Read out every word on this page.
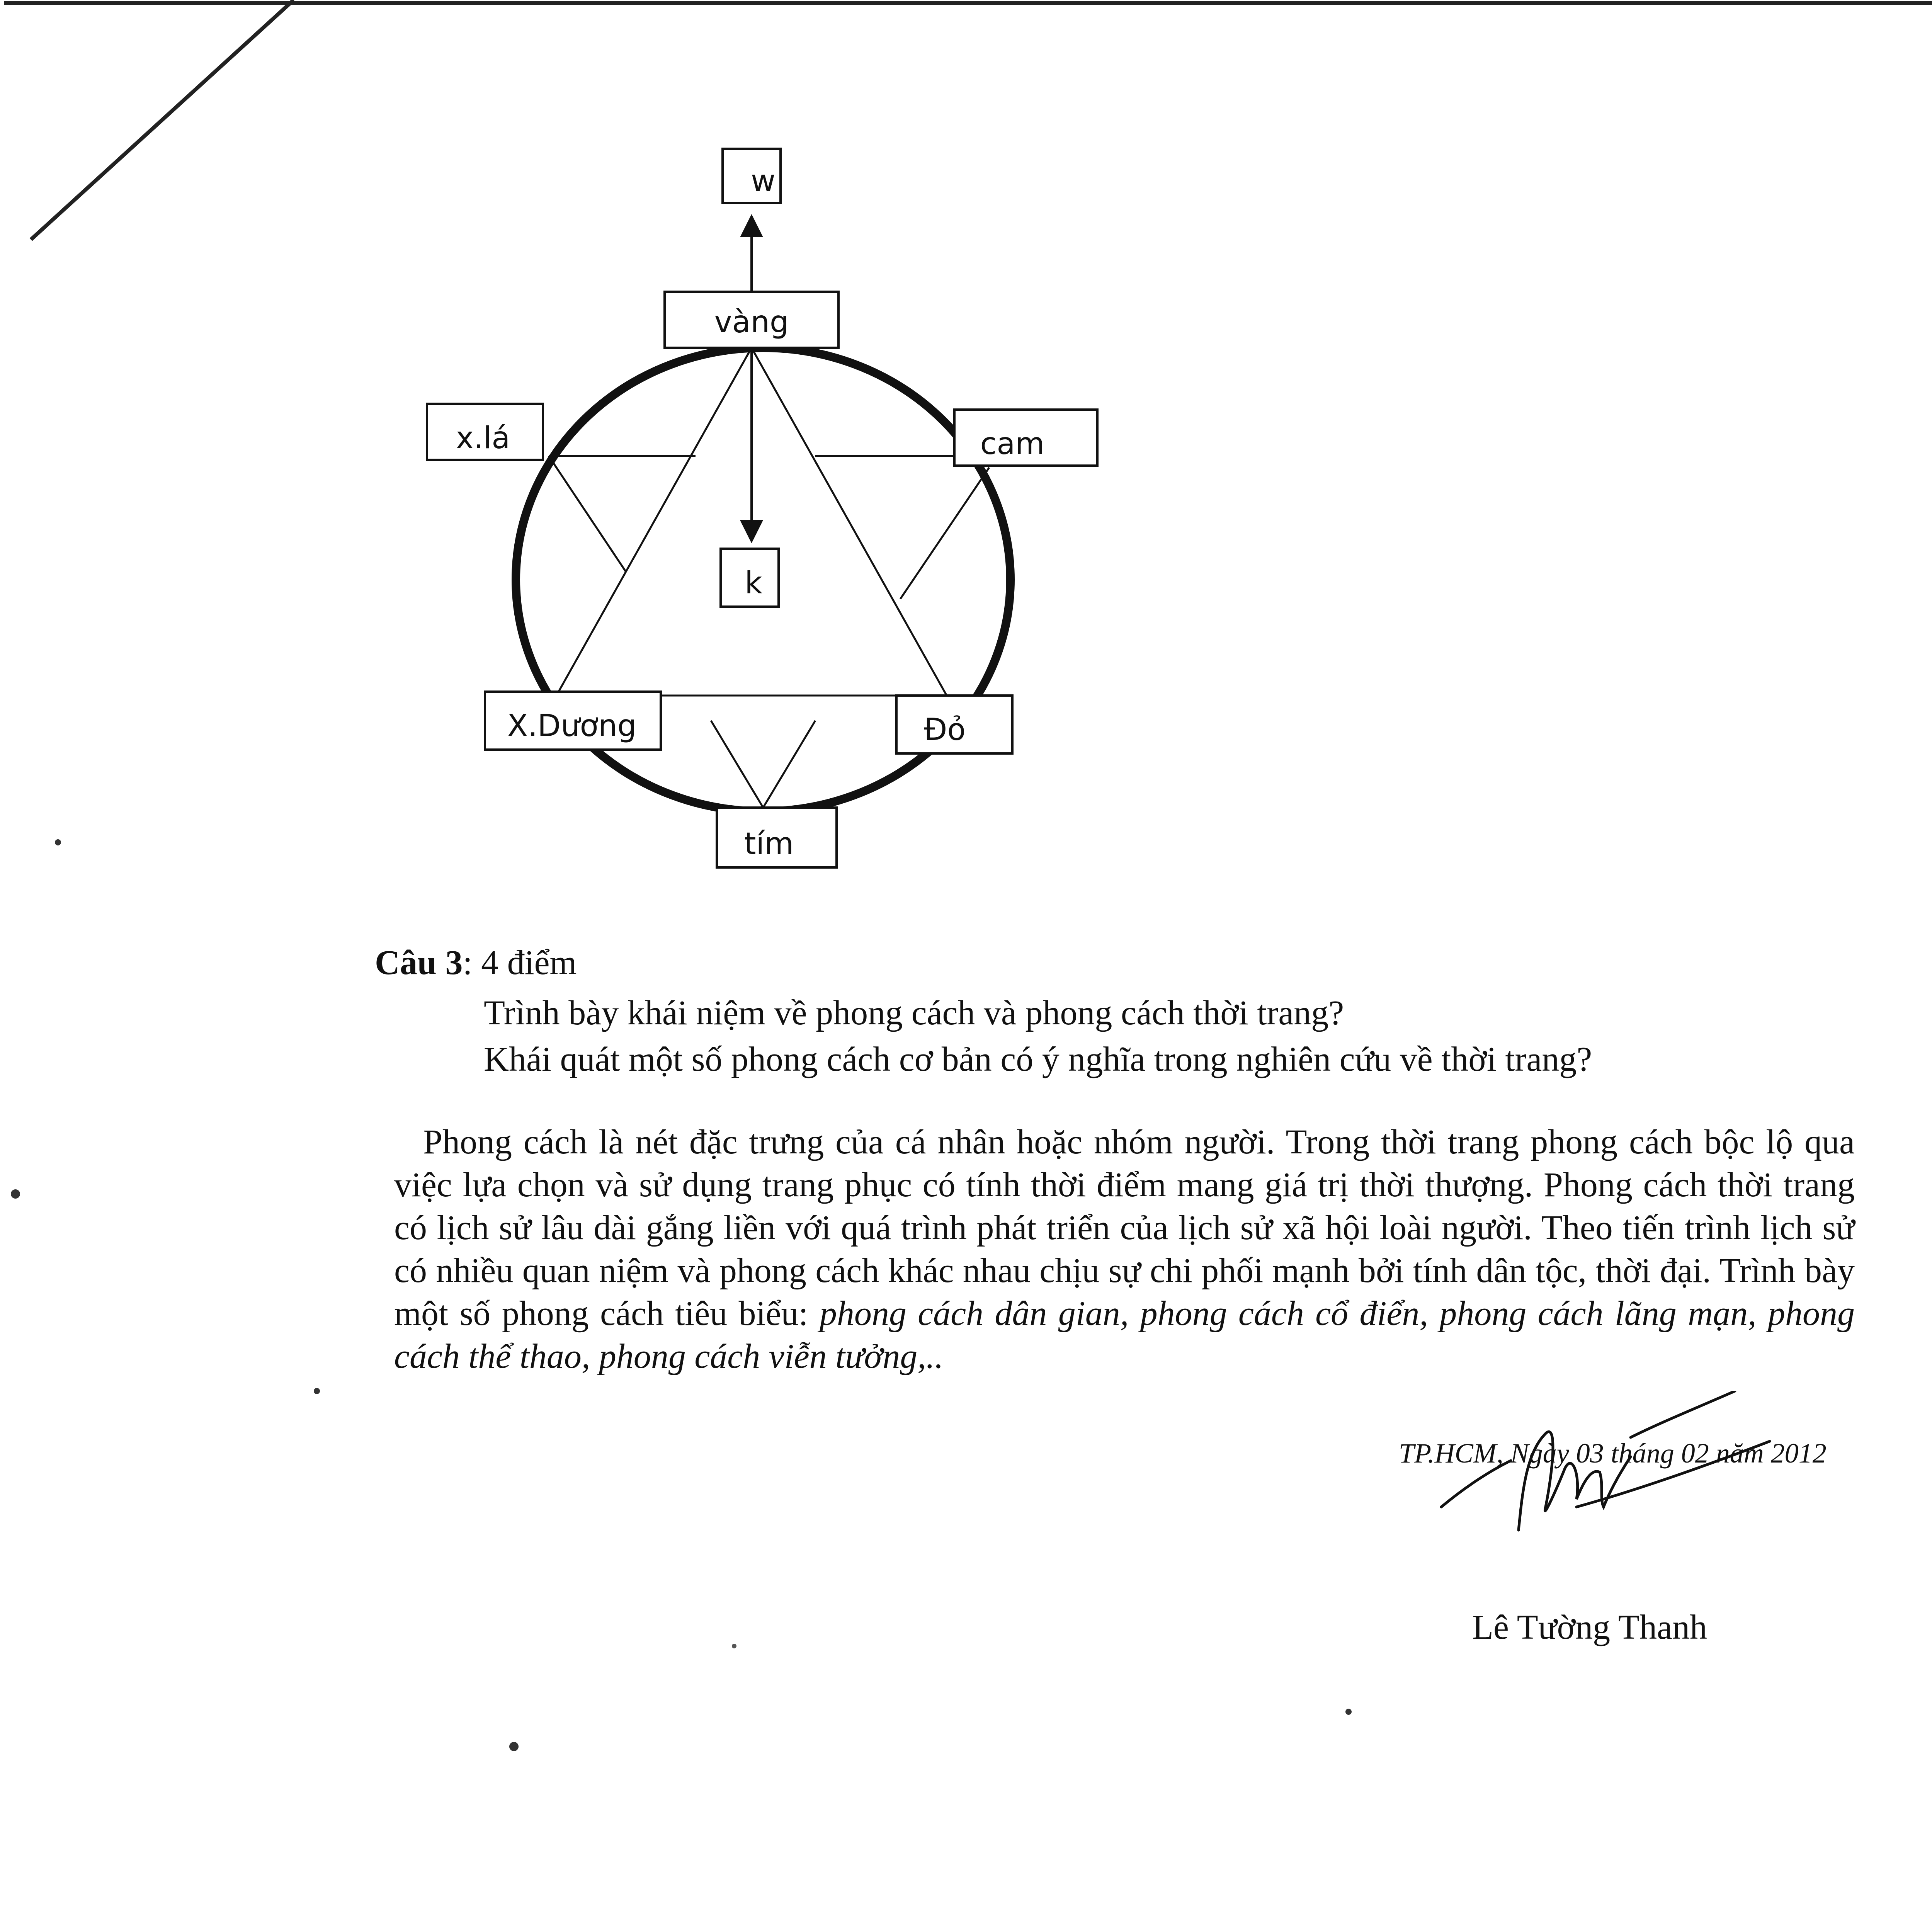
w
vàng
x.lá	cam
k
X.Dương	Đỏ
tím
Câu 3: 4 điểm
Trình bày khái niệm về phong cách và phong cách thời trang?
Khái quát một số phong cách cơ bản có ý nghĩa trong nghiên cứu về thời trang?
Phong cách là nét đặc trưng của cá nhân hoặc nhóm người. Trong thời trang phong cách bộc lộ qua việc lựa chọn và sử dụng trang phục có tính thời điểm mang giá trị thời thượng. Phong cách thời trang có lịch sử lâu dài gắng liền với quá trình phát triển của lịch sử xã hội loài người. Theo tiến trình lịch sử có nhiều quan niệm và phong cách khác nhau chịu sự chi phối mạnh bởi tính dân tộc, thời đại. Trình bày một số phong cách tiêu biểu: phong cách dân gian, phong cách cổ điển, phong cách lãng mạn, phong cách thể thao, phong cách viễn tưởng,..
TP.HCM, Ngày 03 tháng 02 năm 2012
Lê Tường Thanh
